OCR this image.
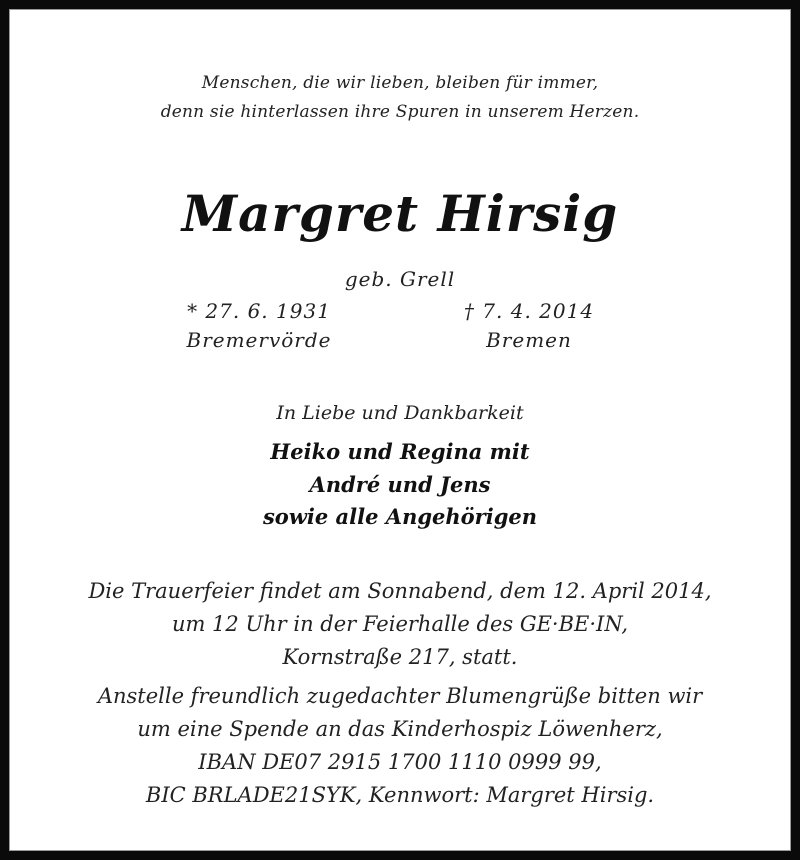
Menschen, die wir lieben, bleiben für immer,
denn sie hinterlassen ihre Spuren in unserem Herzen.
Margret Hirsig
geb. Grell
* 27. 6. 1931
Bremervörde
† 7. 4. 2014
Bremen
In Liebe und Dankbarkeit
Heiko und Regina mit
André und Jens
sowie alle Angehörigen
Die Trauerfeier findet am Sonnabend, dem 12. April 2014,
um 12 Uhr in der Feierhalle des GE·BE·IN,
Kornstraße 217, statt.
Anstelle freundlich zugedachter Blumengrüße bitten wir
um eine Spende an das Kinderhospiz Löwenherz,
IBAN DE07 2915 1700 1110 0999 99,
BIC BRLADE21SYK, Kennwort: Margret Hirsig.
